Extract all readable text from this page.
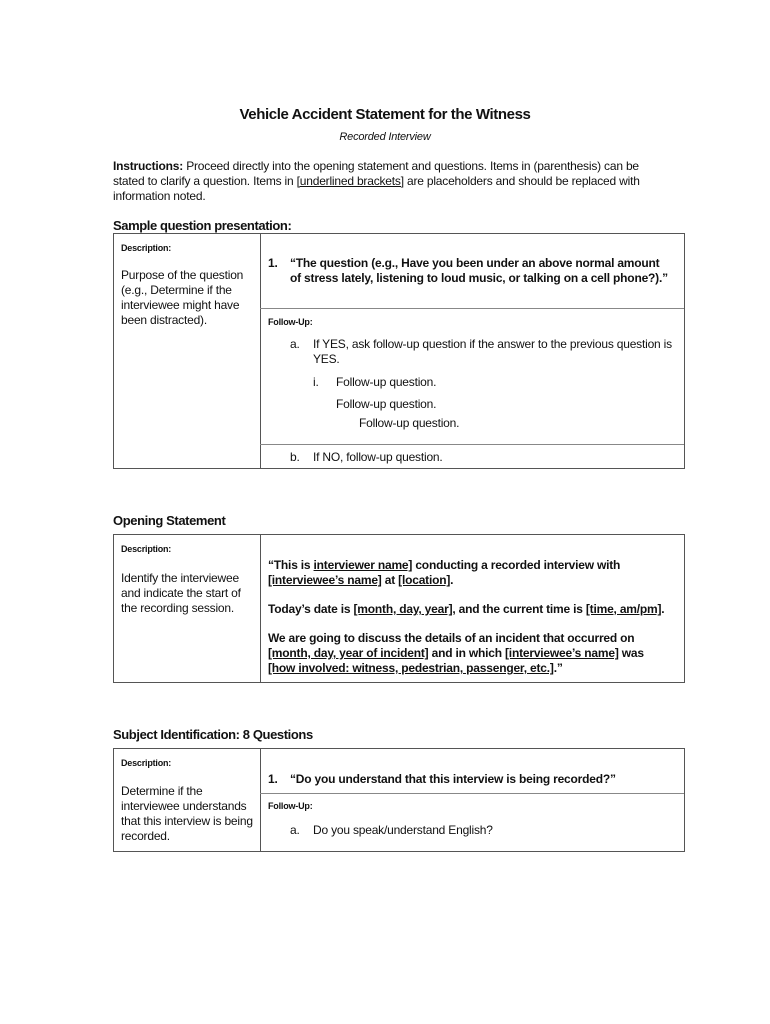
Vehicle Accident Statement for the Witness
Recorded Interview
Instructions: Proceed directly into the opening statement and questions. Items in (parenthesis) can be stated to clarify a question. Items in [underlined brackets] are placeholders and should be replaced with information noted.
Sample question presentation:
Description:
Purpose of the question (e.g., Determine if the interviewee might have been distracted).
1. “The question (e.g., Have you been under an above normal amount of stress lately, listening to loud music, or talking on a cell phone?).”
Follow-Up:
a. If YES, ask follow-up question if the answer to the previous question is YES.
i. Follow-up question.
Follow-up question.
Follow-up question.
b. If NO, follow-up question.
Opening Statement
Description:
Identify the interviewee and indicate the start of the recording session.
“This is interviewer name] conducting a recorded interview with [interviewee’s name] at [location].
Today’s date is [month, day, year], and the current time is [time, am/pm].
We are going to discuss the details of an incident that occurred on [month, day, year of incident] and in which [interviewee’s name] was [how involved: witness, pedestrian, passenger, etc.].”
Subject Identification: 8 Questions
Description:
Determine if the interviewee understands that this interview is being recorded.
1. “Do you understand that this interview is being recorded?”
Follow-Up:
a. Do you speak/understand English?
